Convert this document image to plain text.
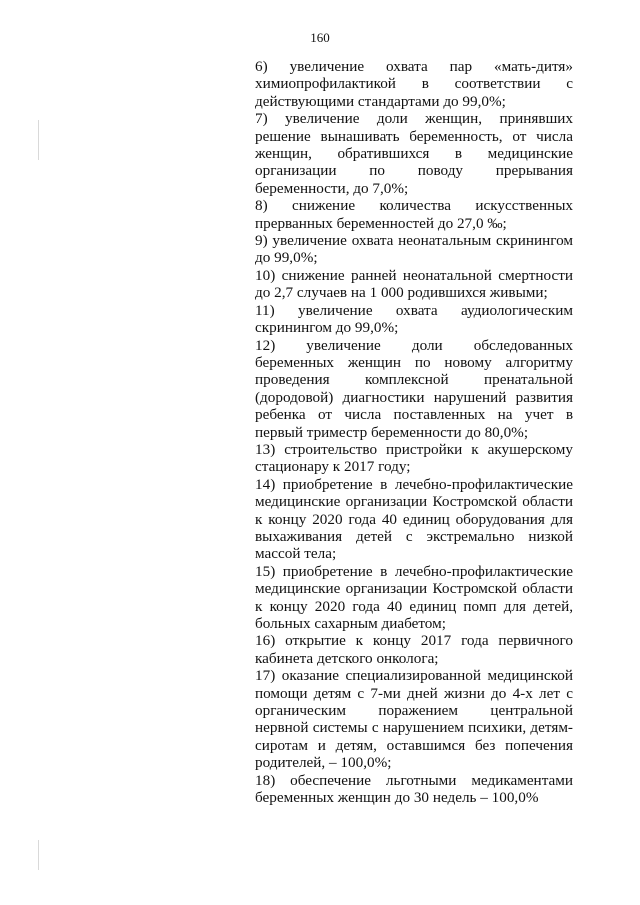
160

6) увеличение охвата пар «мать-дитя» химиопрофилактикой в соответствии с действующими стандартами до 99,0%;

7) увеличение доли женщин, принявших решение вынашивать беременность, от числа женщин, обратившихся в медицинские организации по поводу прерывания беременности, до 7,0%;

8) снижение количества искусственных прерванных беременностей до 27,0 ‰;

9) увеличение охвата неонатальным скринингом до 99,0%;

10) снижение ранней неонатальной смертности до 2,7 случаев на 1 000 родившихся живыми;

11) увеличение охвата аудиологическим скринингом до 99,0%;

12) увеличение доли обследованных беременных женщин по новому алгоритму проведения комплексной пренатальной (дородовой) диагностики нарушений развития ребенка от числа поставленных на учет в первый триместр беременности до 80,0%;

13) строительство пристройки к акушерскому стационару к 2017 году;

14) приобретение в лечебно-профилактические медицинские организации Костромской области к концу 2020 года 40 единиц оборудования для выхаживания детей с экстремально низкой массой тела;

15) приобретение в лечебно-профилактические медицинские организации Костромской области к концу 2020 года 40 единиц помп для детей, больных сахарным диабетом;

16) открытие к концу 2017 года первичного кабинета детского онколога;

17) оказание специализированной медицинской помощи детям с 7-ми дней жизни до 4-х лет с органическим поражением центральной нервной системы с нарушением психики, детям-сиротам и детям, оставшимся без попечения родителей, – 100,0%;

18) обеспечение льготными медикаментами беременных женщин до 30 недель – 100,0%
